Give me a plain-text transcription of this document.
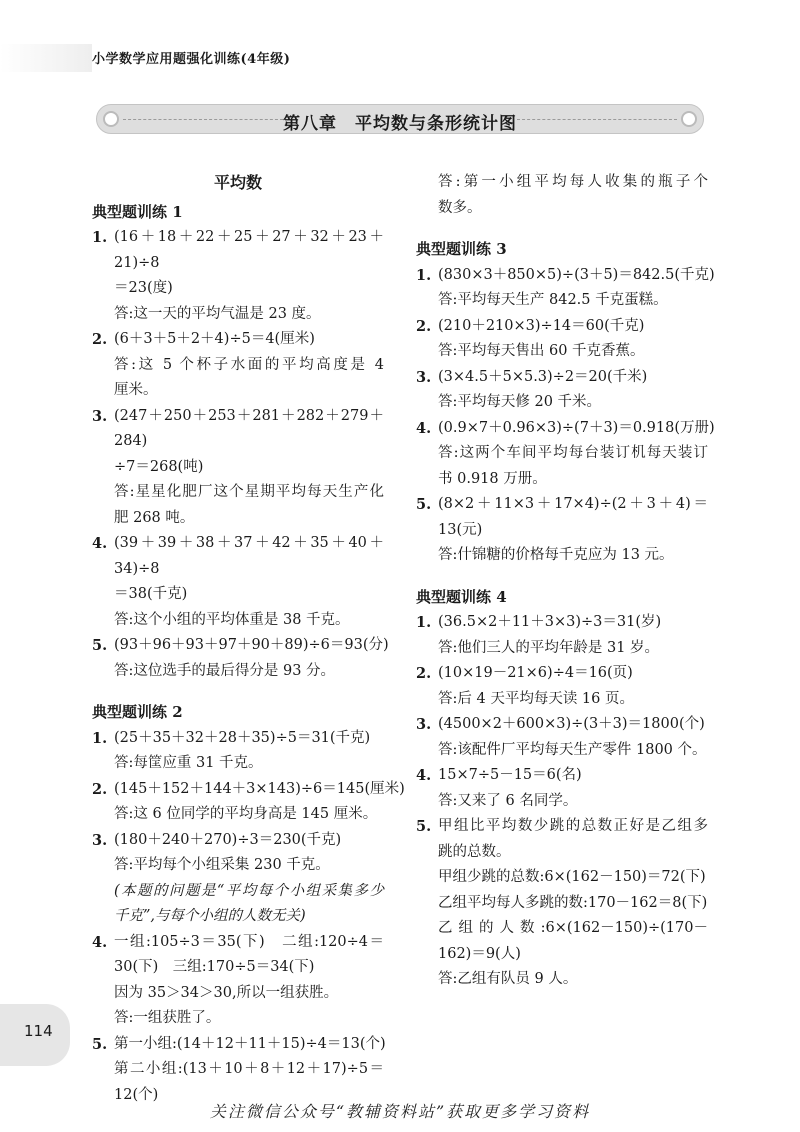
小学数学应用题强化训练(4年级)
第八章　平均数与条形统计图
平均数
典型题训练 1
1. (16＋18＋22＋25＋27＋32＋23＋21)÷8
＝23(度)
答:这一天的平均气温是 23 度。
2. (6＋3＋5＋2＋4)÷5＝4(厘米)
答:这 5 个杯子水面的平均高度是 4
厘米。
3. (247＋250＋253＋281＋282＋279＋284)
÷7＝268(吨)
答:星星化肥厂这个星期平均每天生产化
肥 268 吨。
4. (39＋39＋38＋37＋42＋35＋40＋34)÷8
＝38(千克)
答:这个小组的平均体重是 38 千克。
5. (93＋96＋93＋97＋90＋89)÷6＝93(分)
答:这位选手的最后得分是 93 分。
典型题训练 2
1. (25＋35＋32＋28＋35)÷5＝31(千克)
答:每筐应重 31 千克。
2. (145＋152＋144＋3×143)÷6＝145(厘米)
答:这 6 位同学的平均身高是 145 厘米。
3. (180＋240＋270)÷3＝230(千克)
答:平均每个小组采集 230 千克。
(本题的问题是“平均每个小组采集多少
千克”,与每个小组的人数无关)
4. 一组:105÷3＝35(下)　二组:120÷4＝
30(下)　三组:170÷5＝34(下)
因为 35＞34＞30,所以一组获胜。
答:一组获胜了。
5. 第一小组:(14＋12＋11＋15)÷4＝13(个)
第二小组:(13＋10＋8＋12＋17)÷5＝
12(个)
答:第一小组平均每人收集的瓶子个
数多。
典型题训练 3
1. (830×3＋850×5)÷(3＋5)＝842.5(千克)
答:平均每天生产 842.5 千克蛋糕。
2. (210＋210×3)÷14＝60(千克)
答:平均每天售出 60 千克香蕉。
3. (3×4.5＋5×5.3)÷2＝20(千米)
答:平均每天修 20 千米。
4. (0.9×7＋0.96×3)÷(7＋3)＝0.918(万册)
答:这两个车间平均每台装订机每天装订
书 0.918 万册。
5. (8×2＋11×3＋17×4)÷(2＋3＋4)＝
13(元)
答:什锦糖的价格每千克应为 13 元。
典型题训练 4
1. (36.5×2＋11＋3×3)÷3＝31(岁)
答:他们三人的平均年龄是 31 岁。
2. (10×19－21×6)÷4＝16(页)
答:后 4 天平均每天读 16 页。
3. (4500×2＋600×3)÷(3＋3)＝1800(个)
答:该配件厂平均每天生产零件 1800 个。
4. 15×7÷5－15＝6(名)
答:又来了 6 名同学。
5. 甲组比平均数少跳的总数正好是乙组多
跳的总数。
甲组少跳的总数:6×(162－150)＝72(下)
乙组平均每人多跳的数:170－162＝8(下)
乙组的人数:6×(162－150)÷(170－
162)＝9(人)
答:乙组有队员 9 人。
114
关注微信公众号“教辅资料站”获取更多学习资料
